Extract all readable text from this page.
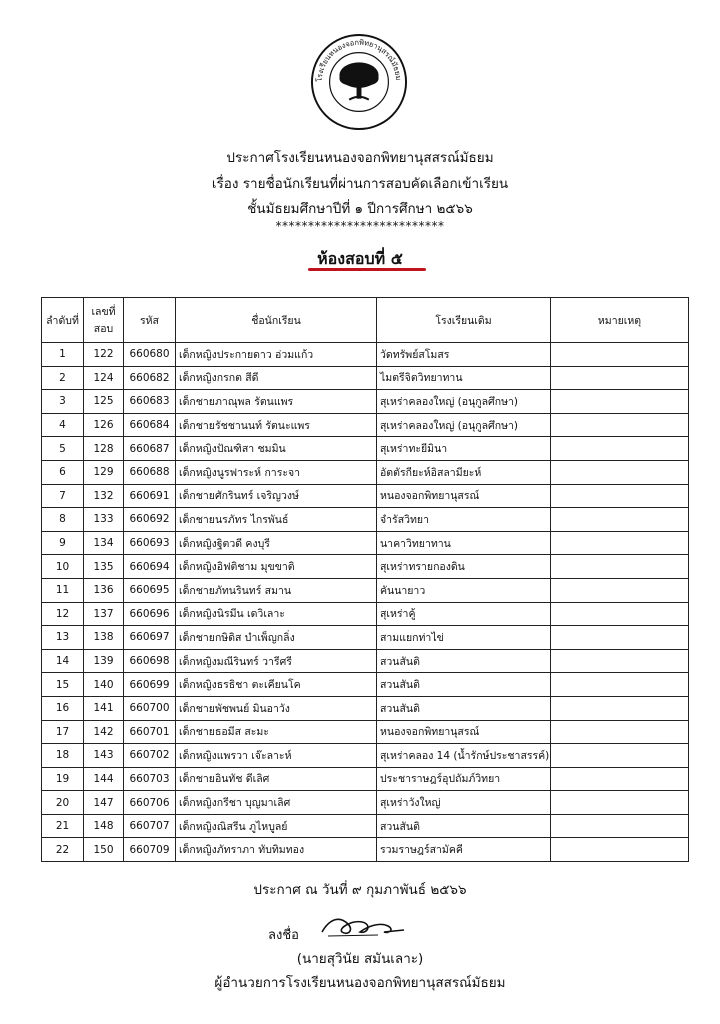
โรงเรียนหนองจอกพิทยานุสรณ์มัธยม
ประกาศโรงเรียนหนองจอกพิทยานุสสรณ์มัธยม
เรื่อง รายชื่อนักเรียนที่ผ่านการสอบคัดเลือกเข้าเรียน
ชั้นมัธยมศึกษาปีที่ ๑ ปีการศึกษา ๒๕๖๖
**************************
ห้องสอบที่ ๕
ลำดับที่	เลขที่สอบ	รหัส	ชื่อนักเรียน	โรงเรียนเดิม	หมายเหตุ
1	122	660680	เด็กหญิงประกายดาว อ่วมแก้ว	วัดทรัพย์สโมสร	
2	124	660682	เด็กหญิงกรกต สีดี	ไมตรีจิตวิทยาทาน	
3	125	660683	เด็กชายภาณุพล รัตนแพร	สุเหร่าคลองใหญ่ (อนุกูลศึกษา)	
4	126	660684	เด็กชายรัชชานนท์ รัตนะแพร	สุเหร่าคลองใหญ่ (อนุกูลศึกษา)	
5	128	660687	เด็กหญิงปัณฑิสา ชมมิน	สุเหร่าทะยีมินา	
6	129	660688	เด็กหญิงนูรฟาระห์ การะจา	อัตตัรกียะห์อิสลามียะห์	
7	132	660691	เด็กชายศักรินทร์ เจริญวงษ์	หนองจอกพิทยานุสรณ์	
8	133	660692	เด็กชายนรภัทร ไกรพันธ์	จำรัสวิทยา	
9	134	660693	เด็กหญิงฐิตวดี คงบุรี	นาคาวิทยาทาน	
10	135	660694	เด็กหญิงอิฟติชาม มุขขาติ	สุเหร่าทรายกองดิน	
11	136	660695	เด็กชายภัทนรินทร์ สมาน	คันนายาว	
12	137	660696	เด็กหญิงนิรมีน เดวิเลาะ	สุเหร่าคู้	
13	138	660697	เด็กชายกษิดิส บำเพ็ญกลิ่ง	สามแยกท่าไข่	
14	139	660698	เด็กหญิงมณีรินทร์ วารีศรี	สวนสันติ	
15	140	660699	เด็กหญิงธรธิชา ตะเคียนโค	สวนสันติ	
16	141	660700	เด็กชายพัชพนย์ มินอาวัง	สวนสันติ	
17	142	660701	เด็กชายธอมีส สะมะ	หนองจอกพิทยานุสรณ์	
18	143	660702	เด็กหญิงแพรวา เจ๊ะลาะห์	สุเหร่าคลอง 14 (น้ำรักษ์ประชาสรรค์)	
19	144	660703	เด็กชายอินทัช ดีเลิศ	ประชาราษฎร์อุปถัมภ์วิทยา	
20	147	660706	เด็กหญิงกรีชา บุญมาเลิศ	สุเหร่าวังใหญ่	
21	148	660707	เด็กหญิงณิสรีน ภูไหบูลย์	สวนสันติ	
22	150	660709	เด็กหญิงภัทราภา ทับทิมทอง	รวมราษฎร์สามัคคี	
ประกาศ ณ วันที่ ๙ กุมภาพันธ์ ๒๕๖๖
ลงชื่อ
(นายสุวินัย สมันเลาะ)
ผู้อำนวยการโรงเรียนหนองจอกพิทยานุสสรณ์มัธยม
